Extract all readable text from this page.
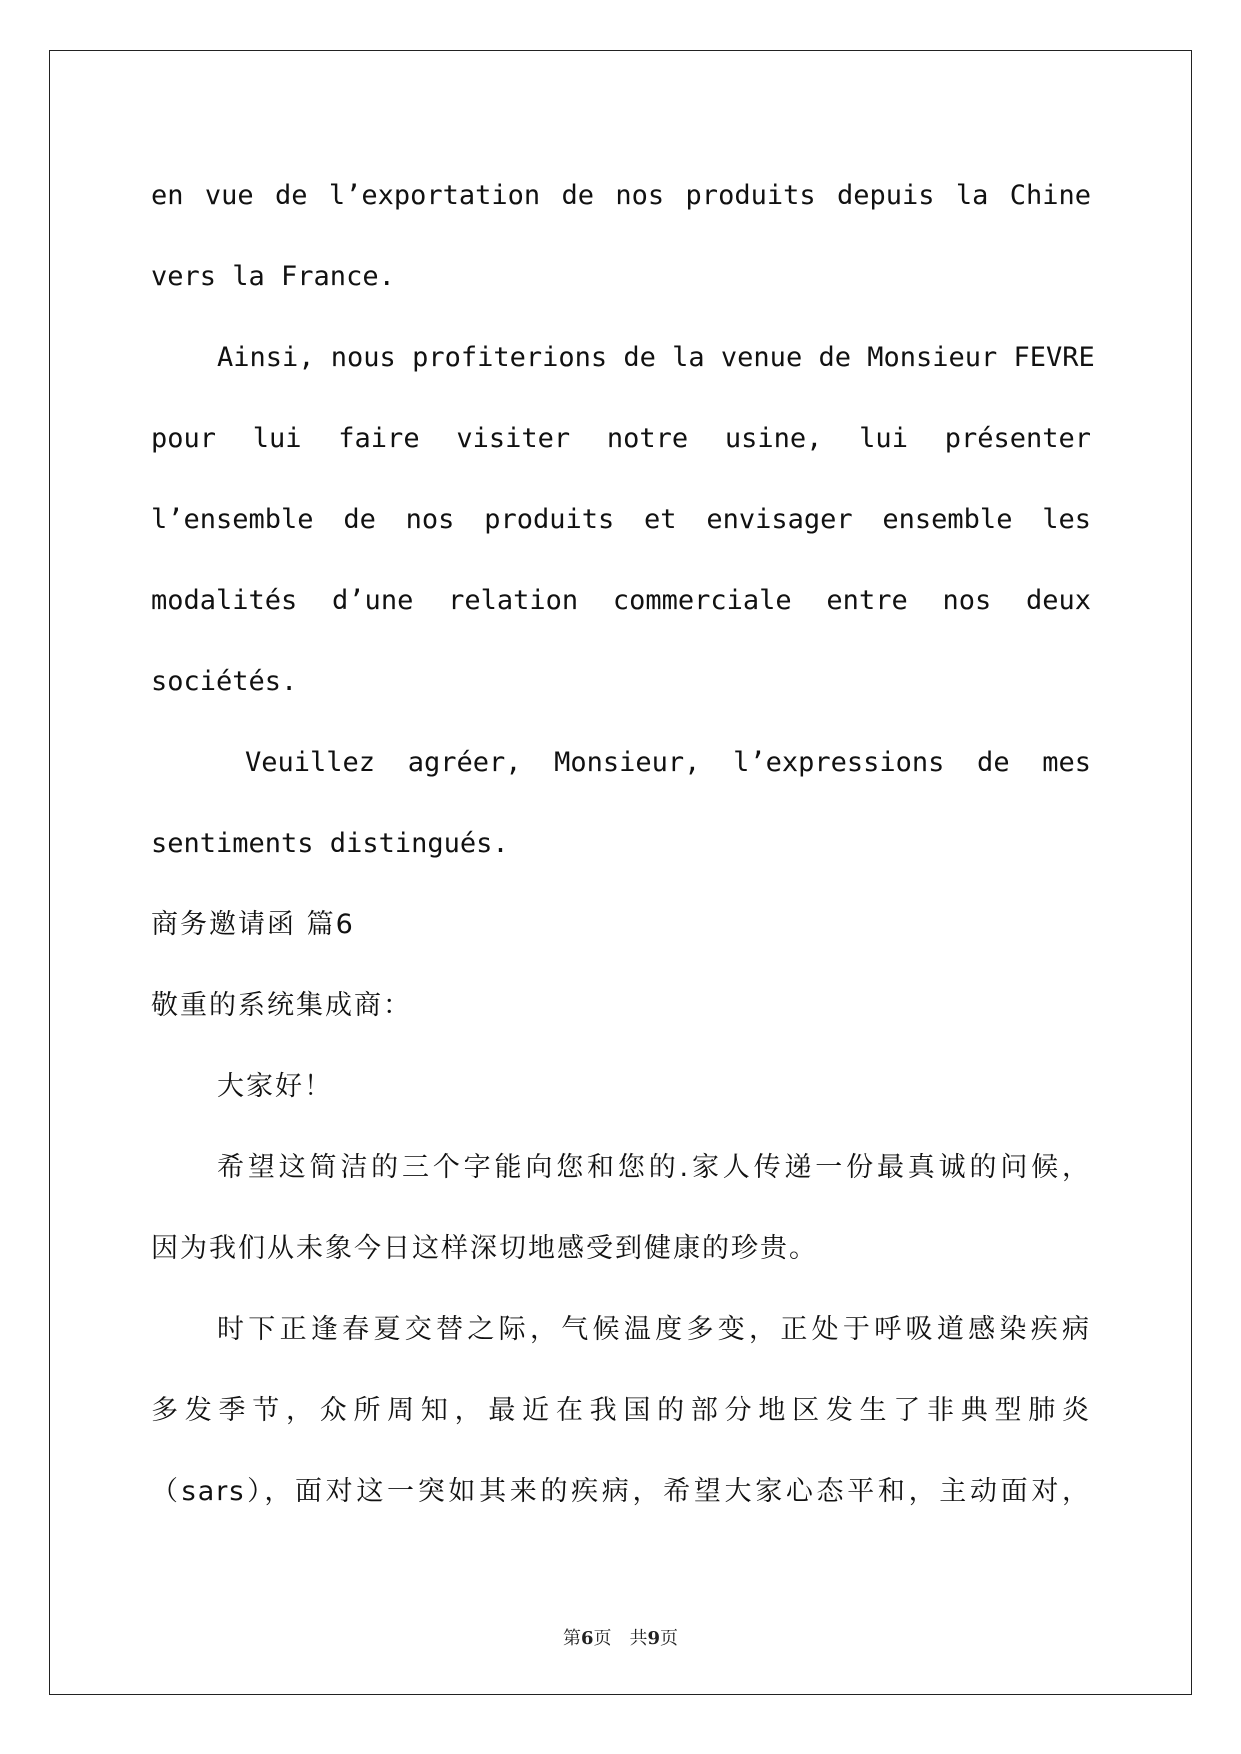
en vue de l’exportation de nos produits depuis la Chine
vers la France.
Ainsi, nous profiterions de la venue de Monsieur FEVRE
pour lui faire visiter notre usine, lui présenter
l’ensemble de nos produits et envisager ensemble les
modalités d’une relation commerciale entre nos deux
sociétés.
Veuillez agréer, Monsieur, l’expressions de mes
sentiments distingués.
商务邀请函 篇6
敬重的系统集成商：
大家好！
希望这简洁的三个字能向您和您的.家人传递一份最真诚的问候，
因为我们从未象今日这样深切地感受到健康的珍贵。
时下正逢春夏交替之际，气候温度多变，正处于呼吸道感染疾病
多发季节，众所周知，最近在我国的部分地区发生了非典型肺炎
（sars），面对这一突如其来的疾病，希望大家心态平和，主动面对，
第6页 共9页
